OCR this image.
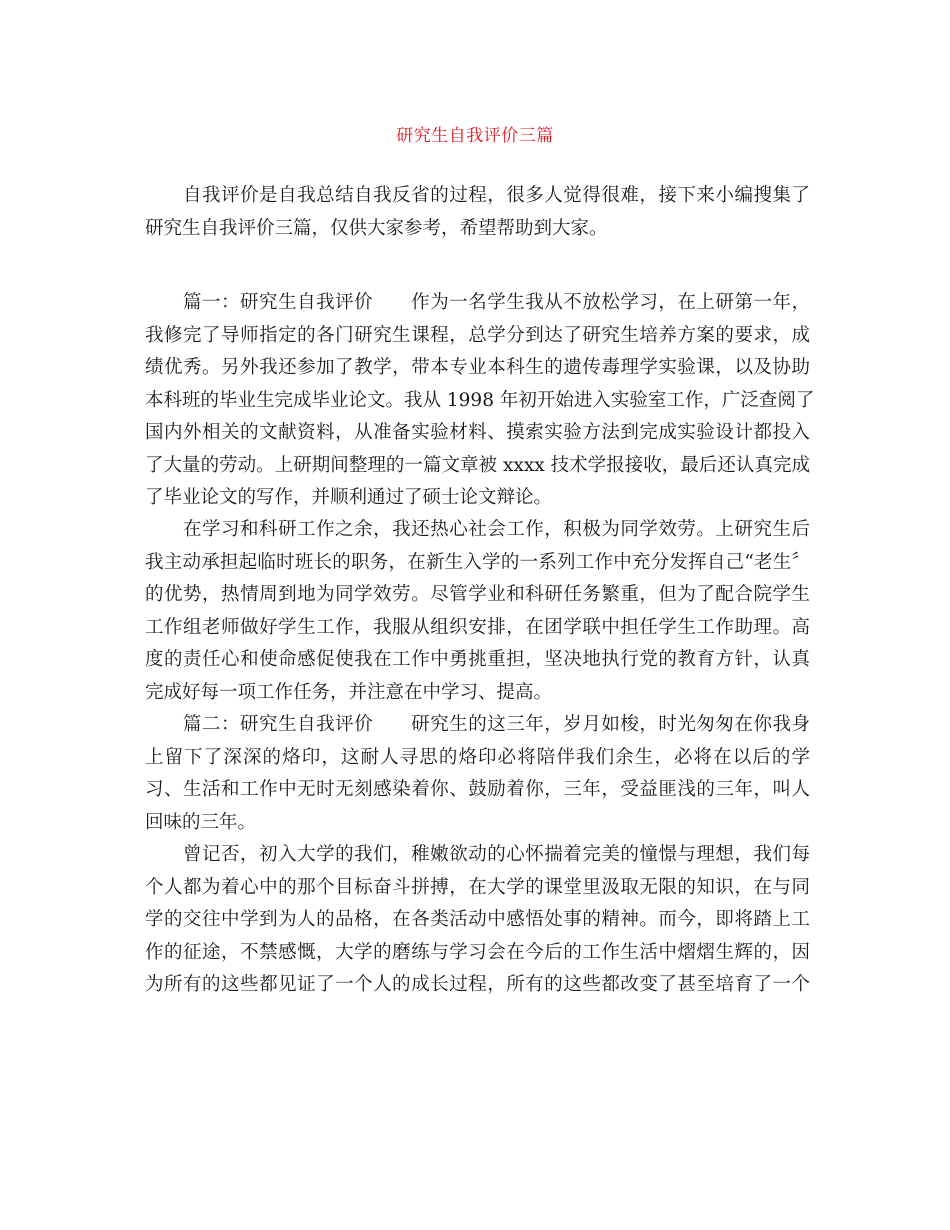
研究生自我评价三篇
自我评价是自我总结自我反省的过程，很多人觉得很难，接下来小编搜集了
研究生自我评价三篇，仅供大家参考，希望帮助到大家。
篇一：研究生自我评价　　作为一名学生我从不放松学习，在上研第一年，
我修完了导师指定的各门研究生课程，总学分到达了研究生培养方案的要求，成
绩优秀。另外我还参加了教学，带本专业本科生的遗传毒理学实验课，以及协助
本科班的毕业生完成毕业论文。我从 1998 年初开始进入实验室工作，广泛查阅了
国内外相关的文献资料，从准备实验材料、摸索实验方法到完成实验设计都投入
了大量的劳动。上研期间整理的一篇文章被 xxxx 技术学报接收，最后还认真完成
了毕业论文的写作，并顺利通过了硕士论文辩论。
在学习和科研工作之余，我还热心社会工作，积极为同学效劳。上研究生后
我主动承担起临时班长的职务，在新生入学的一系列工作中充分发挥自己“老生〞
的优势，热情周到地为同学效劳。尽管学业和科研任务繁重，但为了配合院学生
工作组老师做好学生工作，我服从组织安排，在团学联中担任学生工作助理。高
度的责任心和使命感促使我在工作中勇挑重担，坚决地执行党的教育方针，认真
完成好每一项工作任务，并注意在中学习、提高。
篇二：研究生自我评价　　研究生的这三年，岁月如梭，时光匆匆在你我身
上留下了深深的烙印，这耐人寻思的烙印必将陪伴我们余生，必将在以后的学
习、生活和工作中无时无刻感染着你、鼓励着你，三年，受益匪浅的三年，叫人
回味的三年。
曾记否，初入大学的我们，稚嫩欲动的心怀揣着完美的憧憬与理想，我们每
个人都为着心中的那个目标奋斗拼搏，在大学的课堂里汲取无限的知识，在与同
学的交往中学到为人的品格，在各类活动中感悟处事的精神。而今，即将踏上工
作的征途，不禁感慨，大学的磨练与学习会在今后的工作生活中熠熠生辉的，因
为所有的这些都见证了一个人的成长过程，所有的这些都改变了甚至培育了一个
